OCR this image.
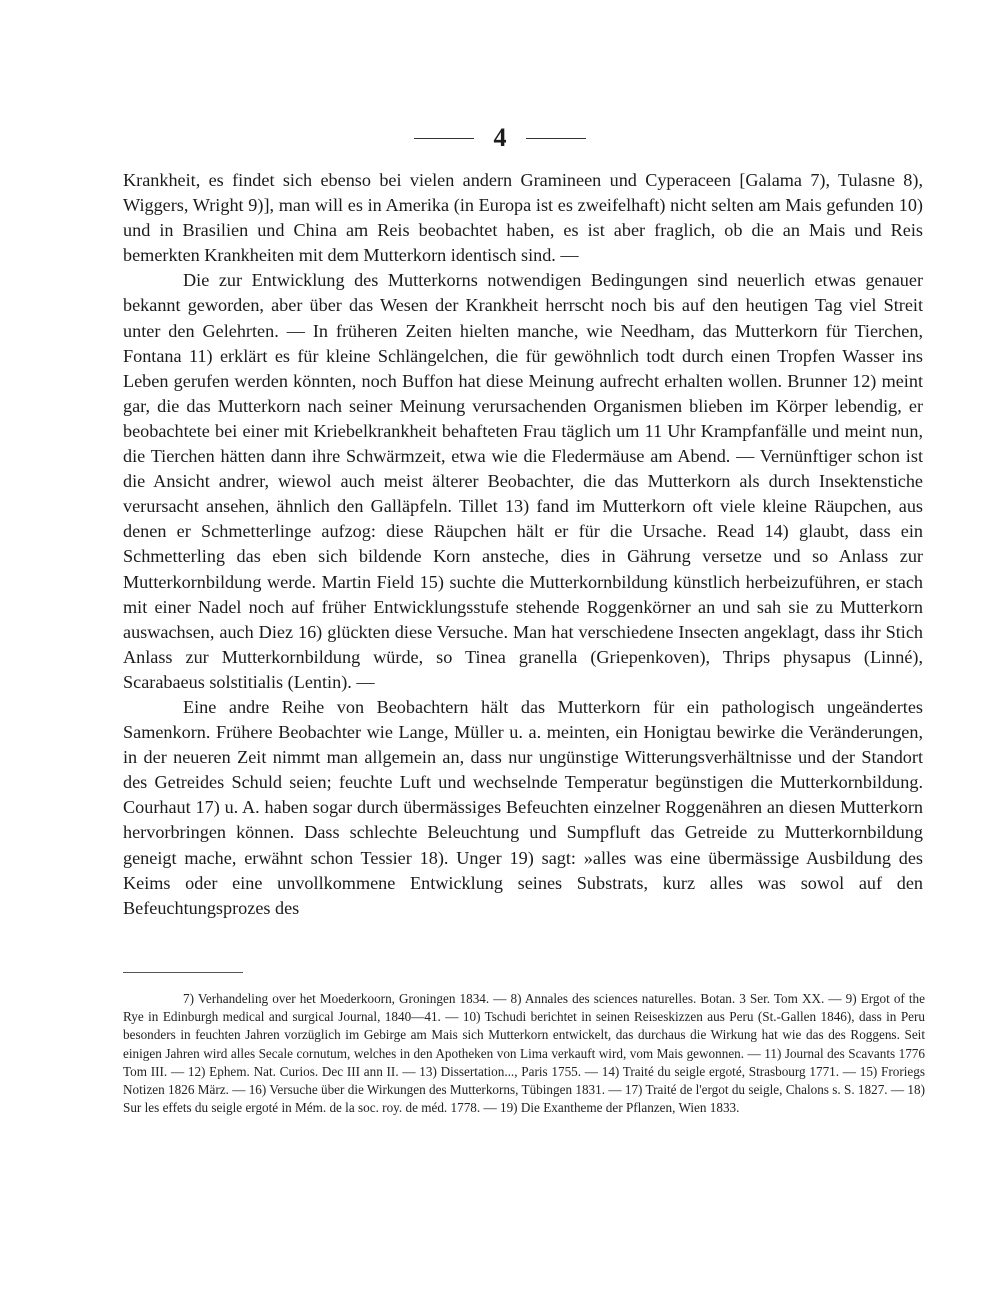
4

Krankheit, es findet sich ebenso bei vielen andern Gramineen und Cyperaceen [Galama 7), Tulasne 8), Wiggers, Wright 9)], man will es in Amerika (in Europa ist es zweifelhaft) nicht selten am Mais gefunden 10) und in Brasilien und China am Reis beobachtet haben, es ist aber fraglich, ob die an Mais und Reis bemerkten Krankheiten mit dem Mutterkorn identisch sind. —

Die zur Entwicklung des Mutterkorns notwendigen Bedingungen sind neuerlich etwas genauer bekannt geworden, aber über das Wesen der Krankheit herrscht noch bis auf den heutigen Tag viel Streit unter den Gelehrten. — In früheren Zeiten hielten manche, wie Needham, das Mutterkorn für Tierchen, Fontana 11) erklärt es für kleine Schlängelchen, die für gewöhnlich todt durch einen Tropfen Wasser ins Leben gerufen werden könnten, noch Buffon hat diese Meinung aufrecht erhalten wollen. Brunner 12) meint gar, die das Mutterkorn nach seiner Meinung verursachenden Organismen blieben im Körper lebendig, er beobachtete bei einer mit Kriebelkrankheit behafteten Frau täglich um 11 Uhr Krampfanfälle und meint nun, die Tierchen hätten dann ihre Schwärmzeit, etwa wie die Fledermäuse am Abend. — Vernünftiger schon ist die Ansicht andrer, wiewol auch meist älterer Beobachter, die das Mutterkorn als durch Insektenstiche verursacht ansehen, ähnlich den Galläpfeln. Tillet 13) fand im Mutterkorn oft viele kleine Räupchen, aus denen er Schmetterlinge aufzog: diese Räupchen hält er für die Ursache. Read 14) glaubt, dass ein Schmetterling das eben sich bildende Korn ansteche, dies in Gährung versetze und so Anlass zur Mutterkornbildung werde. Martin Field 15) suchte die Mutterkornbildung künstlich herbeizuführen, er stach mit einer Nadel noch auf früher Entwicklungsstufe stehende Roggenkörner an und sah sie zu Mutterkorn auswachsen, auch Diez 16) glückten diese Versuche. Man hat verschiedene Insecten angeklagt, dass ihr Stich Anlass zur Mutterkornbildung würde, so Tinea granella (Griepenkoven), Thrips physapus (Linné), Scarabaeus solstitialis (Lentin). —

Eine andre Reihe von Beobachtern hält das Mutterkorn für ein pathologisch ungeändertes Samenkorn. Frühere Beobachter wie Lange, Müller u. a. meinten, ein Honigtau bewirke die Veränderungen, in der neueren Zeit nimmt man allgemein an, dass nur ungünstige Witterungsverhältnisse und der Standort des Getreides Schuld seien; feuchte Luft und wechselnde Temperatur begünstigen die Mutterkornbildung. Courhaut 17) u. A. haben sogar durch übermässiges Befeuchten einzelner Roggenähren an diesen Mutterkorn hervorbringen können. Dass schlechte Beleuchtung und Sumpfluft das Getreide zu Mutterkornbildung geneigt mache, erwähnt schon Tessier 18). Unger 19) sagt: »alles was eine übermässige Ausbildung des Keims oder eine unvollkommene Entwicklung seines Substrats, kurz alles was sowol auf den Befeuchtungsprozes des

7) Verhandeling over het Moederkoorn, Groningen 1834. — 8) Annales des sciences naturelles. Botan. 3 Ser. Tom XX. — 9) Ergot of the Rye in Edinburgh medical and surgical Journal, 1840—41. — 10) Tschudi berichtet in seinen Reiseskizzen aus Peru (St.-Gallen 1846), dass in Peru besonders in feuchten Jahren vorzüglich im Gebirge am Mais sich Mutterkorn entwickelt, das durchaus die Wirkung hat wie das des Roggens. Seit einigen Jahren wird alles Secale cornutum, welches in den Apotheken von Lima verkauft wird, vom Mais gewonnen. — 11) Journal des Scavants 1776 Tom III. — 12) Ephem. Nat. Curios. Dec III ann II. — 13) Dissertation..., Paris 1755. — 14) Traité du seigle ergoté, Strasbourg 1771. — 15) Froriegs Notizen 1826 März. — 16) Versuche über die Wirkungen des Mutterkorns, Tübingen 1831. — 17) Traité de l'ergot du seigle, Chalons s. S. 1827. — 18) Sur les effets du seigle ergoté in Mém. de la soc. roy. de méd. 1778. — 19) Die Exantheme der Pflanzen, Wien 1833.
